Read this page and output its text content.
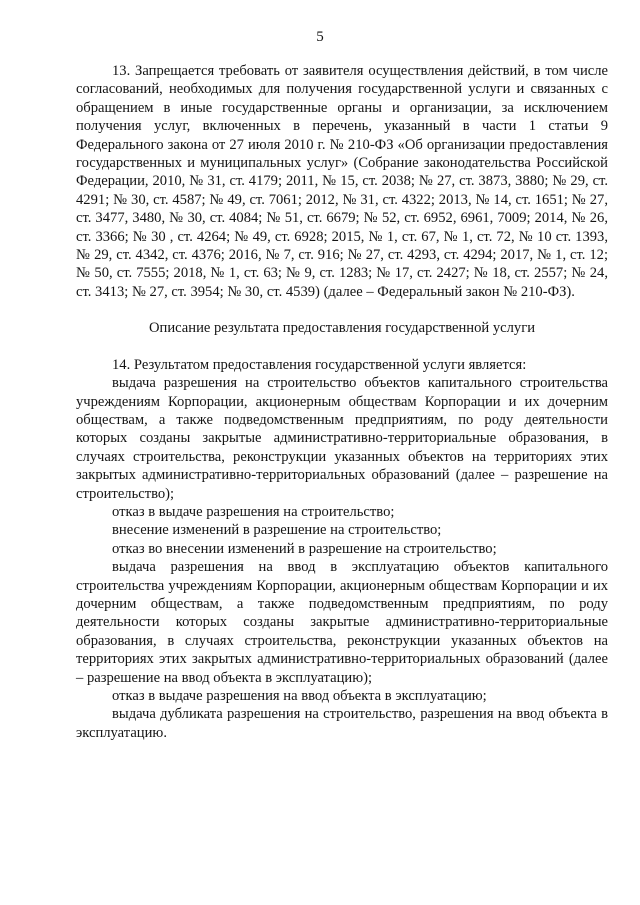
5

13. Запрещается требовать от заявителя осуществления действий, в том числе согласований, необходимых для получения государственной услуги и связанных с обращением в иные государственные органы и организации, за исключением получения услуг, включенных в перечень, указанный в части 1 статьи 9 Федерального закона от 27 июля 2010 г. № 210-ФЗ «Об организации предоставления государственных и муниципальных услуг» (Собрание законодательства Российской Федерации, 2010, № 31, ст. 4179; 2011, № 15, ст. 2038; № 27, ст. 3873, 3880; № 29, ст. 4291; № 30, ст. 4587; № 49, ст. 7061; 2012, № 31, ст. 4322; 2013, № 14, ст. 1651; № 27, ст. 3477, 3480, № 30, ст. 4084; № 51, ст. 6679; № 52, ст. 6952, 6961, 7009; 2014, № 26, ст. 3366; № 30 , ст. 4264; № 49, ст. 6928; 2015, № 1, ст. 67, № 1, ст. 72, № 10 ст. 1393, № 29, ст. 4342, ст. 4376; 2016, № 7, ст. 916; № 27, ст. 4293, ст. 4294; 2017, № 1, ст. 12; № 50, ст. 7555; 2018, № 1, ст. 63; № 9, ст. 1283; № 17, ст. 2427; № 18, ст. 2557; № 24, ст. 3413; № 27, ст. 3954; № 30, ст. 4539) (далее – Федеральный закон № 210-ФЗ).

Описание результата предоставления государственной услуги

14. Результатом предоставления государственной услуги является:

выдача разрешения на строительство объектов капитального строительства учреждениям Корпорации, акционерным обществам Корпорации и их дочерним обществам, а также подведомственным предприятиям, по роду деятельности которых созданы закрытые административно-территориальные образования, в случаях строительства, реконструкции указанных объектов на территориях этих закрытых административно-территориальных образований (далее – разрешение на строительство);

отказ в выдаче разрешения на строительство;

внесение изменений в разрешение на строительство;

отказ во внесении изменений в разрешение на строительство;

выдача разрешения на ввод в эксплуатацию объектов капитального строительства учреждениям Корпорации, акционерным обществам Корпорации и их дочерним обществам, а также подведомственным предприятиям, по роду деятельности которых созданы закрытые административно-территориальные образования, в случаях строительства, реконструкции указанных объектов на территориях этих закрытых административно-территориальных образований (далее – разрешение на ввод объекта в эксплуатацию);

отказ в выдаче разрешения на ввод объекта в эксплуатацию;

выдача дубликата разрешения на строительство, разрешения на ввод объекта в эксплуатацию.
